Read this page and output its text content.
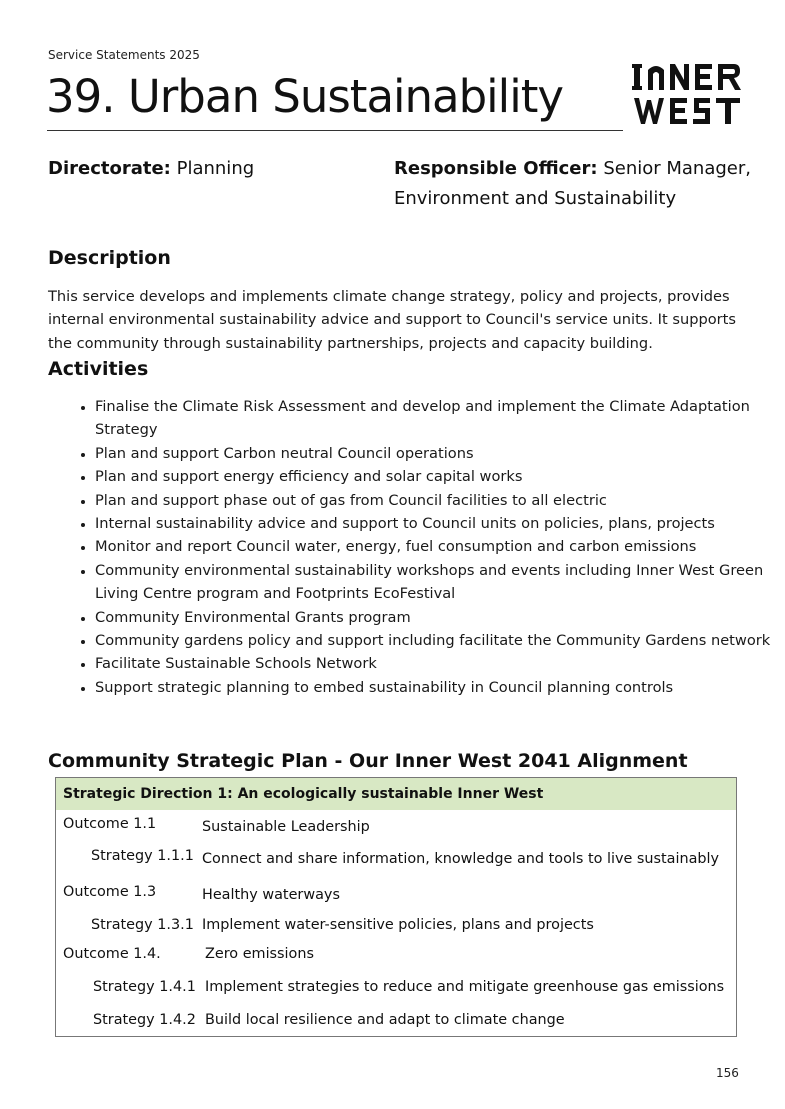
Service Statements 2025
39. Urban Sustainability
Directorate: Planning	Responsible Officer: Senior Manager,
Environment and Sustainability
Description

This service develops and implements climate change strategy, policy and projects, provides internal environmental sustainability advice and support to Council's service units. It supports the community through sustainability partnerships, projects and capacity building.

Activities
• Finalise the Climate Risk Assessment and develop and implement the Climate Adaptation Strategy
• Plan and support Carbon neutral Council operations
• Plan and support energy efficiency and solar capital works
• Plan and support phase out of gas from Council facilities to all electric
• Internal sustainability advice and support to Council units on policies, plans, projects
• Monitor and report Council water, energy, fuel consumption and carbon emissions
• Community environmental sustainability workshops and events including Inner West Green Living Centre program and Footprints EcoFestival
• Community Environmental Grants program
• Community gardens policy and support including facilitate the Community Gardens network
• Facilitate Sustainable Schools Network
• Support strategic planning to embed sustainability in Council planning controls
Community Strategic Plan - Our Inner West 2041 Alignment
Strategic Direction 1: An ecologically sustainable Inner West
Outcome 1.1	Sustainable Leadership
Strategy 1.1.1 Connect and share information, knowledge and tools to live sustainably
Outcome 1.3	Healthy waterways
Strategy 1.3.1 Implement water-sensitive policies, plans and projects
Outcome 1.4.	Zero emissions
Strategy 1.4.1 Implement strategies to reduce and mitigate greenhouse gas emissions
Strategy 1.4.2 Build local resilience and adapt to climate change
156
